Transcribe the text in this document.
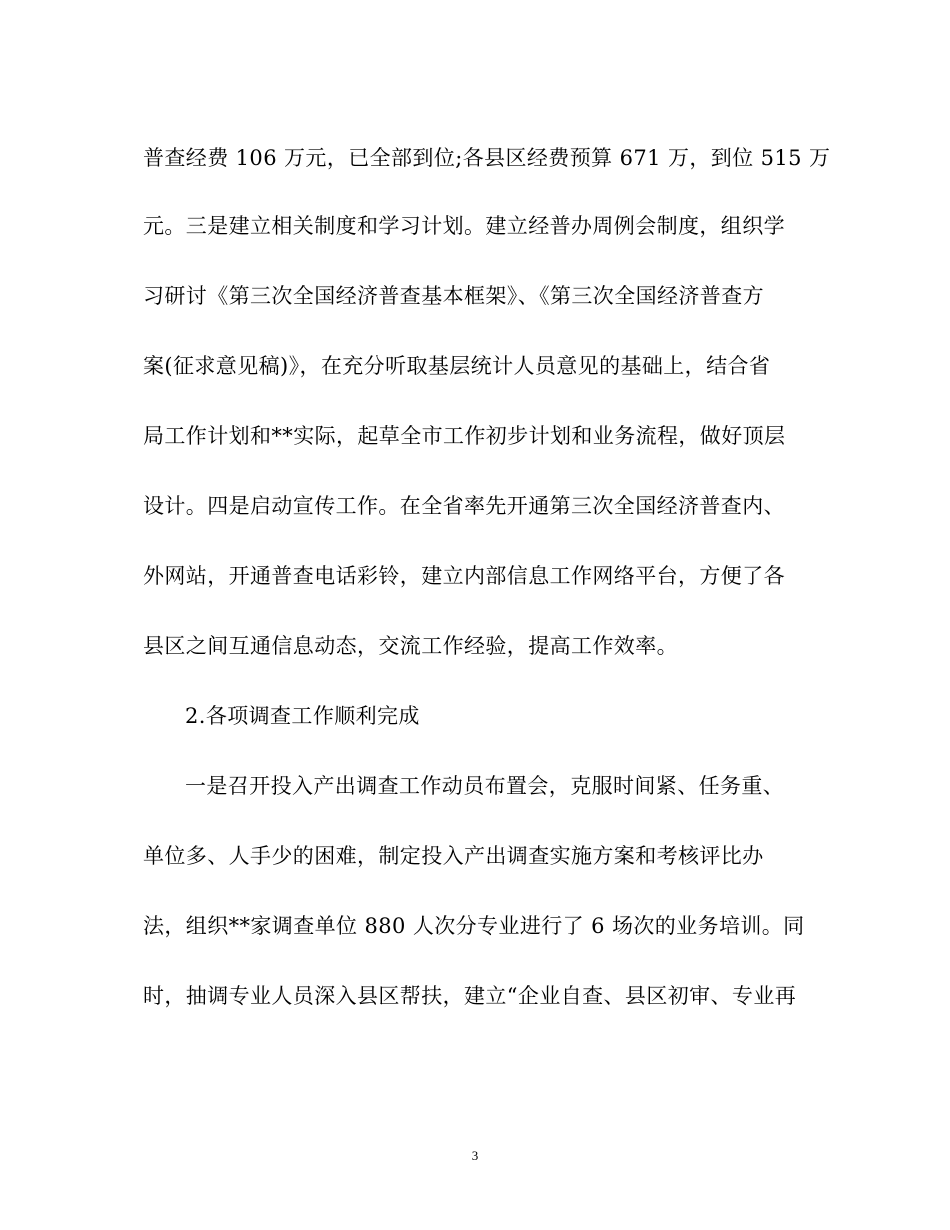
普查经费 106 万元，已全部到位;各县区经费预算 671 万，到位 515 万
元。三是建立相关制度和学习计划。建立经普办周例会制度，组织学
习研讨《第三次全国经济普查基本框架》、《第三次全国经济普查方
案(征求意见稿)》，在充分听取基层统计人员意见的基础上，结合省
局工作计划和**实际，起草全市工作初步计划和业务流程，做好顶层
设计。四是启动宣传工作。在全省率先开通第三次全国经济普查内、
外网站，开通普查电话彩铃，建立内部信息工作网络平台，方便了各
县区之间互通信息动态，交流工作经验，提高工作效率。
2.各项调查工作顺利完成
一是召开投入产出调查工作动员布置会，克服时间紧、任务重、
单位多、人手少的困难，制定投入产出调查实施方案和考核评比办
法，组织**家调查单位 880 人次分专业进行了 6 场次的业务培训。同
时，抽调专业人员深入县区帮扶，建立“企业自查、县区初审、专业再
3
